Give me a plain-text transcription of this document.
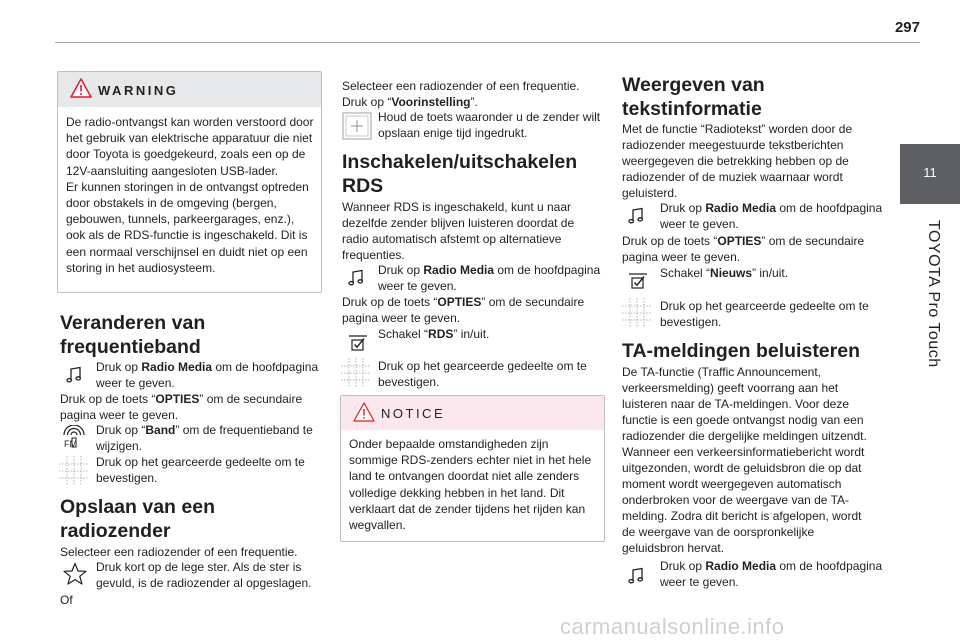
297
11
TOYOTA Pro Touch
WARNING
De radio-ontvangst kan worden verstoord door het gebruik van elektrische apparatuur die niet door Toyota is goedgekeurd, zoals een op de 12V-aansluiting aangesloten USB-lader.
Er kunnen storingen in de ontvangst optreden door obstakels in de omgeving (bergen, gebouwen, tunnels, parkeergarages, enz.), ook als de RDS-functie is ingeschakeld. Dit is een normaal verschijnsel en duidt niet op een storing in het audiosysteem.
Veranderen van
frequentieband
Druk op Radio Media om de hoofdpagina weer te geven.
Druk op de toets “OPTIES” om de secundaire pagina weer te geven.
FM
Druk op “Band” om de frequentieband te wijzigen.
Druk op het gearceerde gedeelte om te bevestigen.
Opslaan van een
radiozender
Selecteer een radiozender of een frequentie.
Druk kort op de lege ster. Als de ster is gevuld, is de radiozender al opgeslagen.
Of
Selecteer een radiozender of een frequentie.
Druk op “Voorinstelling”.
Houd de toets waaronder u de zender wilt opslaan enige tijd ingedrukt.
Inschakelen/uitschakelen
RDS
Wanneer RDS is ingeschakeld, kunt u naar dezelfde zender blijven luisteren doordat de radio automatisch afstemt op alternatieve frequenties.
Druk op Radio Media om de hoofdpagina weer te geven.
Druk op de toets “OPTIES” om de secundaire pagina weer te geven.
Schakel “RDS” in/uit.
Druk op het gearceerde gedeelte om te bevestigen.
NOTICE
Onder bepaalde omstandigheden zijn sommige RDS-zenders echter niet in het hele land te ontvangen doordat niet alle zenders volledige dekking hebben in het land. Dit verklaart dat de zender tijdens het rijden kan wegvallen.
Weergeven van
tekstinformatie
Met de functie “Radiotekst” worden door de radiozender meegestuurde tekstberichten weergegeven die betrekking hebben op de radiozender of de muziek waarnaar wordt geluisterd.
Druk op Radio Media om de hoofdpagina weer te geven.
Druk op de toets “OPTIES” om de secundaire pagina weer te geven.
Schakel “Nieuws” in/uit.
Druk op het gearceerde gedeelte om te bevestigen.
TA-meldingen beluisteren
De TA-functie (Traffic Announcement, verkeersmelding) geeft voorrang aan het luisteren naar de TA-meldingen. Voor deze functie is een goede ontvangst nodig van een radiozender die dergelijke meldingen uitzendt. Wanneer een verkeersinformatiebericht wordt uitgezonden, wordt de geluidsbron die op dat moment wordt weergegeven automatisch onderbroken voor de weergave van de TA-melding. Zodra dit bericht is afgelopen, wordt de weergave van de oorspronkelijke geluidsbron hervat.
Druk op Radio Media om de hoofdpagina weer te geven.
carmanualsonline.info
